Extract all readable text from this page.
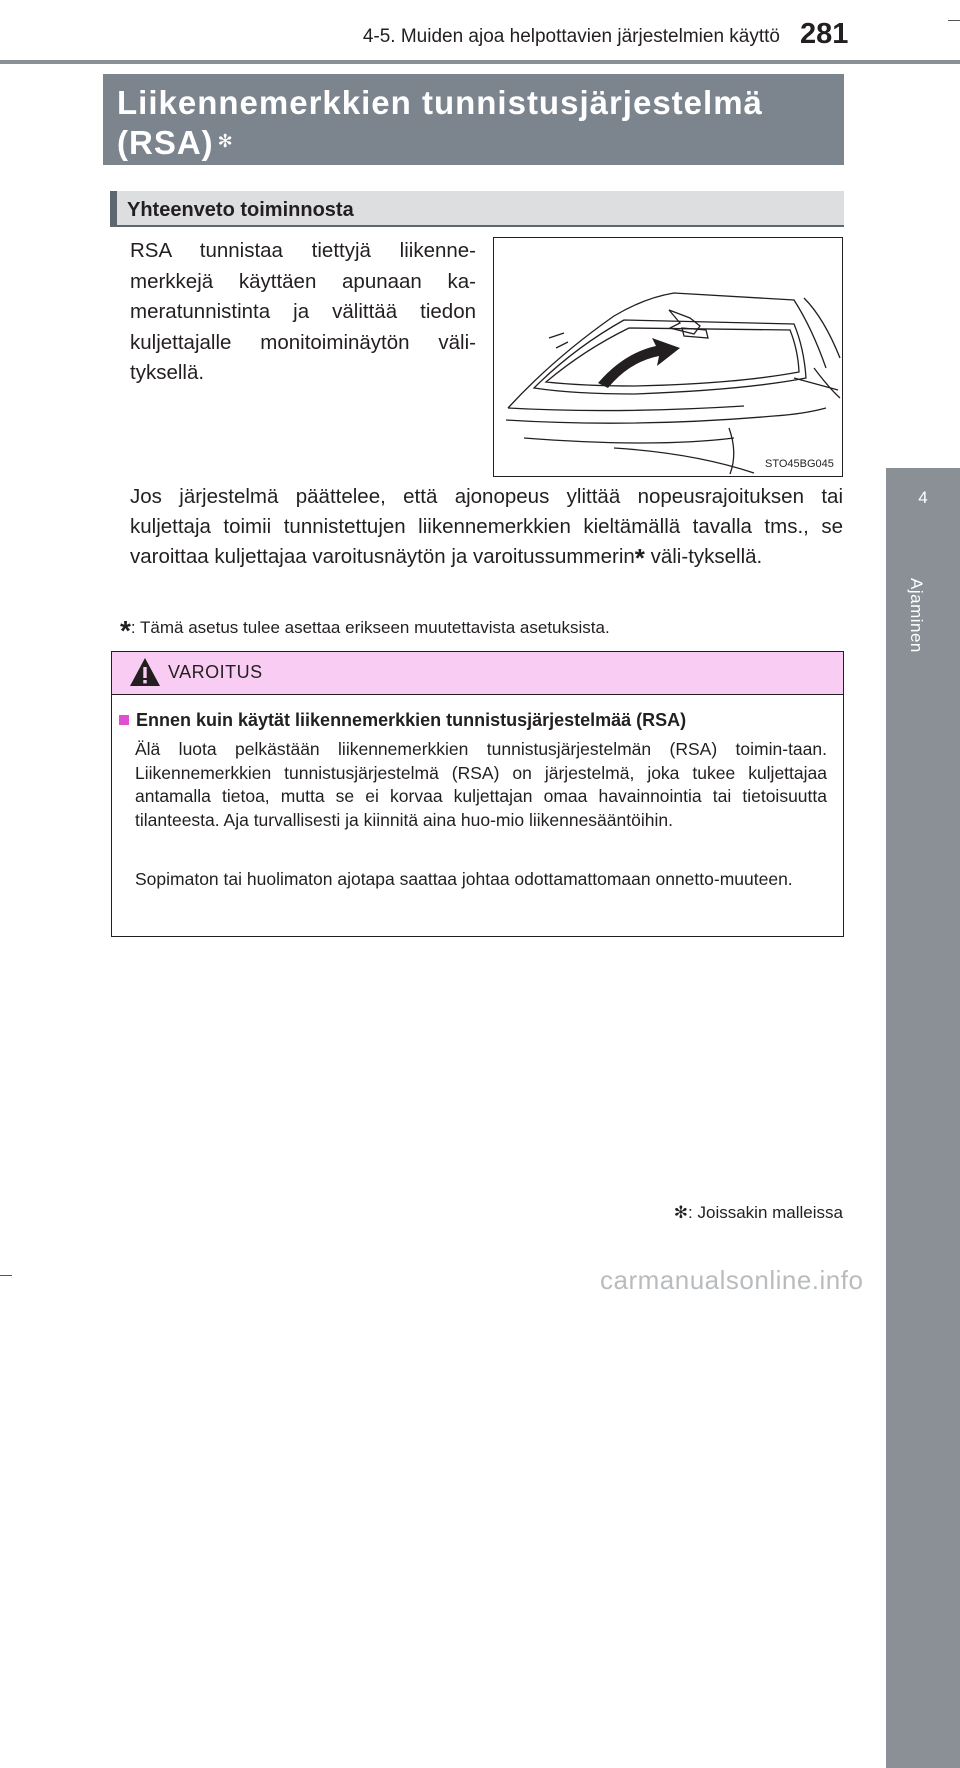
4-5. Muiden ajoa helpottavien järjestelmien käyttö 281
4
Ajaminen
Liikennemerkkien tunnistusjärjestelmä (RSA) ✻
Yhteenveto toiminnosta
RSA tunnistaa tiettyjä liikenne-merkkejä käyttäen apunaan ka-meratunnistinta ja välittää tiedon kuljettajalle monitoiminäytön väli-tyksellä.
STO45BG045
Jos järjestelmä päättelee, että ajonopeus ylittää nopeusrajoituksen tai kuljettaja toimii tunnistettujen liikennemerkkien kieltämällä tavalla tms., se varoittaa kuljettajaa varoitusnäytön ja varoitussummerin* väli-tyksellä.
*: Tämä asetus tulee asettaa erikseen muutettavista asetuksista.
VAROITUS
Ennen kuin käytät liikennemerkkien tunnistusjärjestelmää (RSA)
Älä luota pelkästään liikennemerkkien tunnistusjärjestelmän (RSA) toimin-taan. Liikennemerkkien tunnistusjärjestelmä (RSA) on järjestelmä, joka tukee kuljettajaa antamalla tietoa, mutta se ei korvaa kuljettajan omaa havainnointia tai tietoisuutta tilanteesta. Aja turvallisesti ja kiinnitä aina huo-mio liikennesääntöihin.
Sopimaton tai huolimaton ajotapa saattaa johtaa odottamattomaan onnetto-muuteen.
✻: Joissakin malleissa
carmanualsonline.info
